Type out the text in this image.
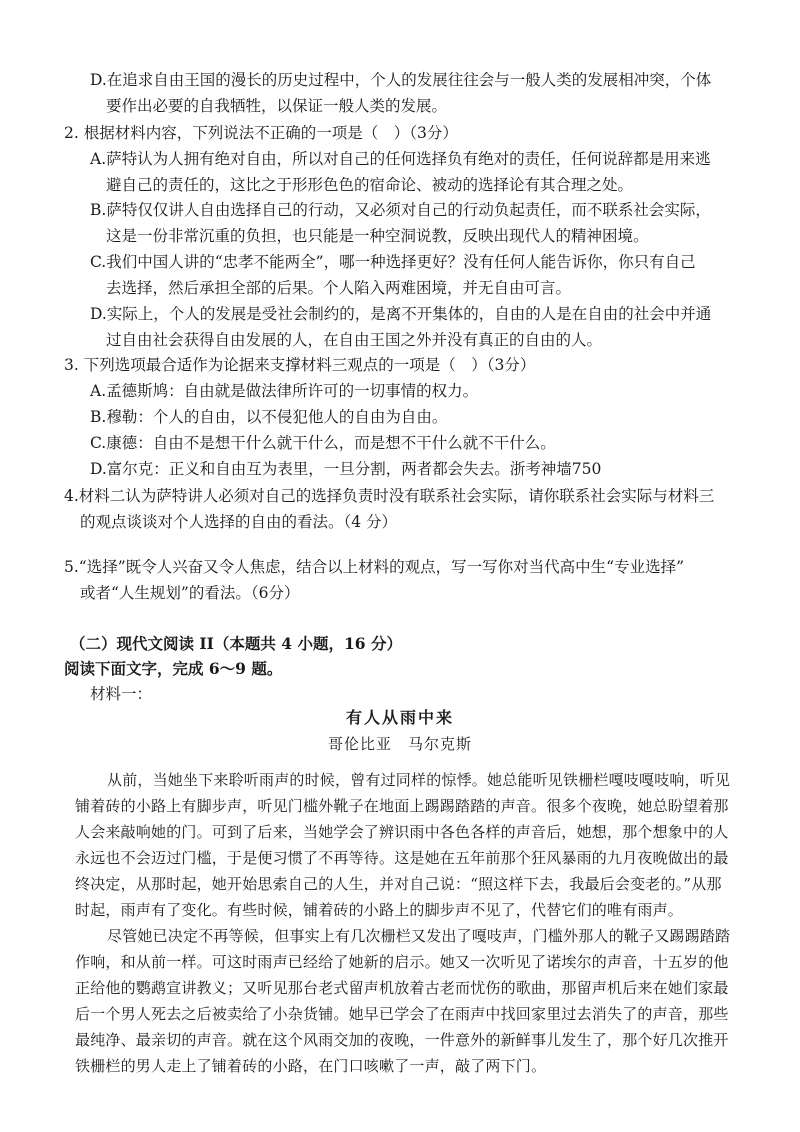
D.在追求自由王国的漫长的历史过程中，个人的发展往往会与一般人类的发展相冲突，个体
要作出必要的自我牺牲，以保证一般人类的发展。
2. 根据材料内容，下列说法不正确的一项是（　）（3分）
A.萨特认为人拥有绝对自由，所以对自己的任何选择负有绝对的责任，任何说辞都是用来逃
避自己的责任的，这比之于形形色色的宿命论、被动的选择论有其合理之处。
B.萨特仅仅讲人自由选择自己的行动，又必须对自己的行动负起责任，而不联系社会实际，
这是一份非常沉重的负担，也只能是一种空洞说教，反映出现代人的精神困境。
C.我们中国人讲的“忠孝不能两全”，哪一种选择更好？没有任何人能告诉你，你只有自己
去选择，然后承担全部的后果。个人陷入两难困境，并无自由可言。
D.实际上，个人的发展是受社会制约的，是离不开集体的，自由的人是在自由的社会中并通
过自由社会获得自由发展的人，在自由王国之外并没有真正的自由的人。
3. 下列选项最合适作为论据来支撑材料三观点的一项是（　）（3分）
A.孟德斯鸠：自由就是做法律所许可的一切事情的权力。
B.穆勒：个人的自由，以不侵犯他人的自由为自由。
C.康德：自由不是想干什么就干什么，而是想不干什么就不干什么。
D.富尔克：正义和自由互为表里，一旦分割，两者都会失去。浙考神墙750
4.材料二认为萨特讲人必须对自己的选择负责时没有联系社会实际，请你联系社会实际与材料三
的观点谈谈对个人选择的自由的看法。（4 分）
5.“选择”既令人兴奋又令人焦虑，结合以上材料的观点，写一写你对当代高中生“专业选择”
或者“人生规划”的看法。（6分）
（二）现代文阅读 II（本题共 4 小题，16 分）
阅读下面文字，完成 6～9 题。
材料一：
有人从雨中来
哥伦比亚　马尔克斯
从前，当她坐下来聆听雨声的时候，曾有过同样的惊悸。她总能听见铁栅栏嘎吱嘎吱响，听见
铺着砖的小路上有脚步声，听见门槛外靴子在地面上踢踢踏踏的声音。很多个夜晚，她总盼望着那
人会来敲响她的门。可到了后来，当她学会了辨识雨中各色各样的声音后，她想，那个想象中的人
永远也不会迈过门槛，于是便习惯了不再等待。这是她在五年前那个狂风暴雨的九月夜晚做出的最
终决定，从那时起，她开始思索自己的人生，并对自己说：“照这样下去，我最后会变老的。”从那
时起，雨声有了变化。有些时候，铺着砖的小路上的脚步声不见了，代替它们的唯有雨声。
尽管她已决定不再等候，但事实上有几次栅栏又发出了嘎吱声，门槛外那人的靴子又踢踢踏踏
作响，和从前一样。可这时雨声已经给了她新的启示。她又一次听见了诺埃尔的声音，十五岁的他
正给他的鹦鹉宣讲教义；又听见那台老式留声机放着古老而忧伤的歌曲，那留声机后来在她们家最
后一个男人死去之后被卖给了小杂货铺。她早已学会了在雨声中找回家里过去消失了的声音，那些
最纯净、最亲切的声音。就在这个风雨交加的夜晚，一件意外的新鲜事儿发生了，那个好几次推开
铁栅栏的男人走上了铺着砖的小路，在门口咳嗽了一声，敲了两下门。
